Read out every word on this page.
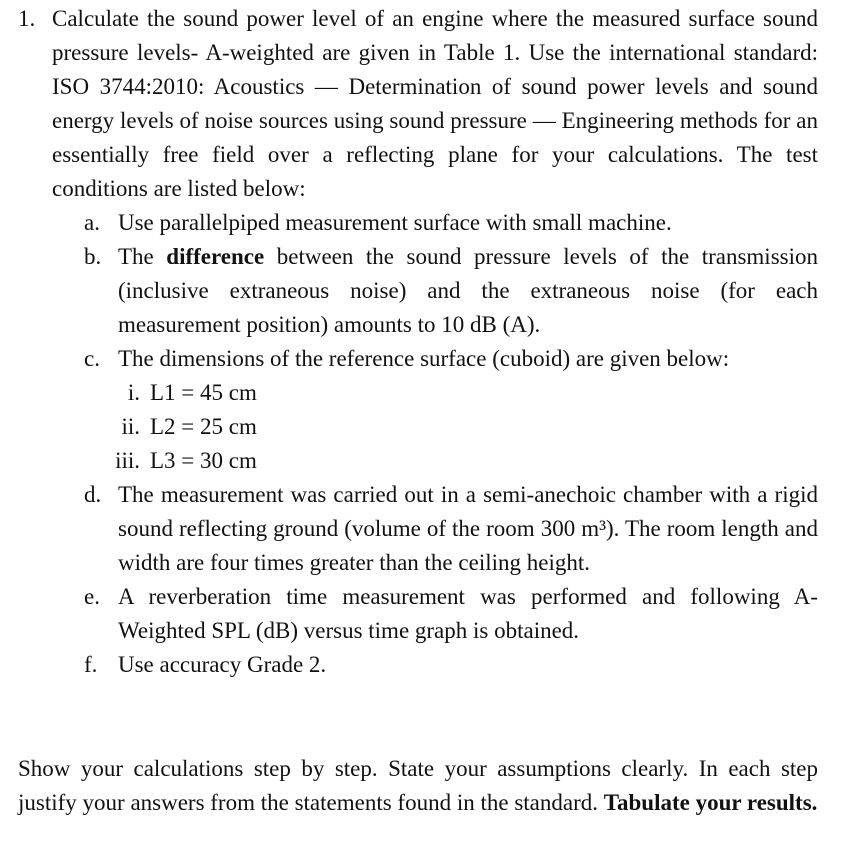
1. Calculate the sound power level of an engine where the measured surface sound pressure levels- A-weighted are given in Table 1. Use the international standard: ISO 3744:2010: Acoustics — Determination of sound power levels and sound energy levels of noise sources using sound pressure — Engineering methods for an essentially free field over a reflecting plane for your calculations. The test conditions are listed below:
a. Use parallelpiped measurement surface with small machine.
b. The difference between the sound pressure levels of the transmission (inclusive extraneous noise) and the extraneous noise (for each measurement position) amounts to 10 dB (A).
c. The dimensions of the reference surface (cuboid) are given below:
i. L1 = 45 cm
ii. L2 = 25 cm
iii. L3 = 30 cm
d. The measurement was carried out in a semi-anechoic chamber with a rigid sound reflecting ground (volume of the room 300 m³). The room length and width are four times greater than the ceiling height.
e. A reverberation time measurement was performed and following A-Weighted SPL (dB) versus time graph is obtained.
f. Use accuracy Grade 2.
Show your calculations step by step. State your assumptions clearly. In each step justify your answers from the statements found in the standard. Tabulate your results.
